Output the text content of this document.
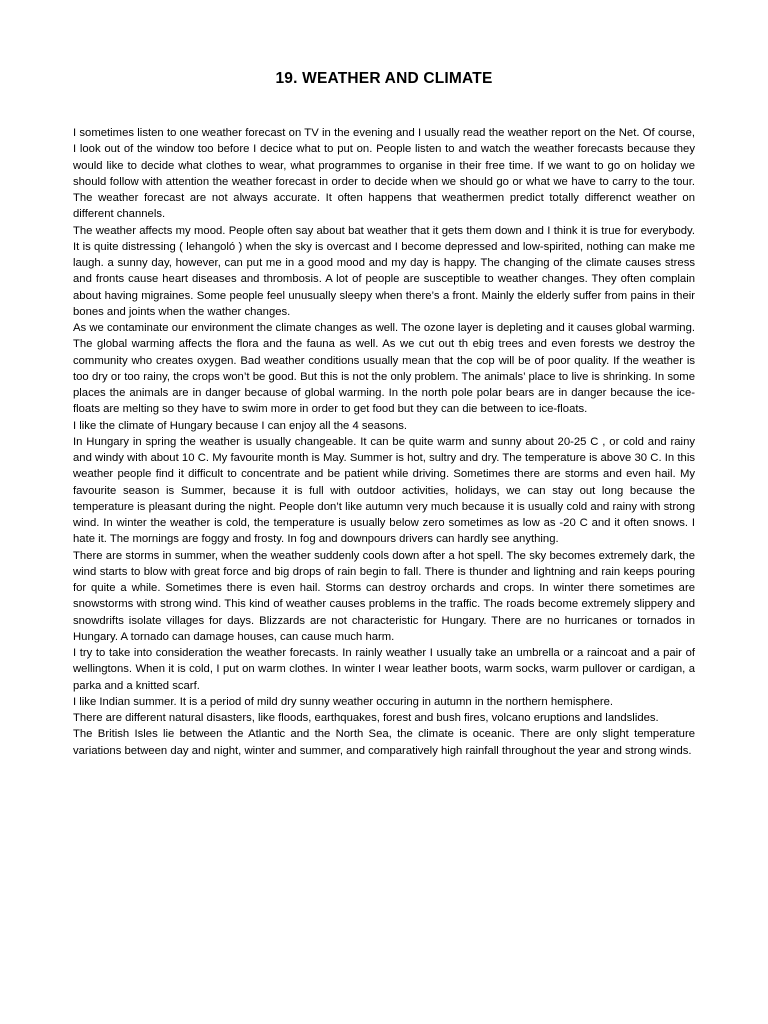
19. WEATHER AND CLIMATE

I sometimes listen to one weather forecast on TV in the evening and I usually read the weather report on the Net. Of course, I look out of the window too before I decice what to put on. People listen to and watch the weather forecasts because they would like to decide what clothes to wear, what programmes to organise in their free time. If we want to go on holiday we should follow with attention the weather forecast in order to decide when we should go or what we have to carry to the tour. The weather forecast are not always accurate. It often happens that weathermen predict totally differenct weather on different channels.

The weather affects my mood. People often say about bat weather that it gets them down and I think it is true for everybody. It is quite distressing ( lehangoló ) when the sky is overcast and I become depressed and low-spirited, nothing can make me laugh. a sunny day, however, can put me in a good mood and my day is happy. The changing of the climate causes stress and fronts cause heart diseases and thrombosis. A lot of people are susceptible to weather changes. They often complain about having migraines. Some people feel unusually sleepy when there’s a front. Mainly the elderly suffer from pains in their bones and joints when the wather changes.

As we contaminate our environment the climate changes as well. The ozone layer is depleting and it causes global warming. The global warming affects the flora and the fauna as well. As we cut out th ebig trees and even forests we destroy the community who creates oxygen. Bad weather conditions usually mean that the cop will be of poor quality. If the weather is too dry or too rainy, the crops won’t be good. But this is not the only problem. The animals’ place to live is shrinking. In some places the animals are in danger because of global warming. In the north pole polar bears are in danger because the ice-floats are melting so they have to swim more in order to get food but they can die between to ice-floats.

I like the climate of Hungary because I can enjoy all the 4 seasons.

In Hungary in spring the weather is usually changeable. It can be quite warm and sunny about 20-25 C , or cold and rainy and windy with about 10 C. My favourite month is May. Summer is hot, sultry and dry. The temperature is above 30 C. In this weather people find it difficult to concentrate and be patient while driving. Sometimes there are storms and even hail. My favourite season is Summer, because it is full with outdoor activities, holidays, we can stay out long because the temperature is pleasant during the night. People don’t like autumn very much because it is usually cold and rainy with strong wind. In winter the weather is cold, the temperature is usually below zero sometimes as low as -20 C and it often snows. I hate it. The mornings are foggy and frosty. In fog and downpours drivers can hardly see anything.

There are storms in summer, when the weather suddenly cools down after a hot spell. The sky becomes extremely dark, the wind starts to blow with great force and big drops of rain begin to fall. There is thunder and lightning and rain keeps pouring for quite a while. Sometimes there is even hail. Storms can destroy orchards and crops. In winter there sometimes are snowstorms with strong wind. This kind of weather causes problems in the traffic. The roads become extremely slippery and snowdrifts isolate villages for days. Blizzards are not characteristic for Hungary. There are no hurricanes or tornados in Hungary. A tornado can damage houses, can cause much harm.

I try to take into consideration the weather forecasts. In rainly weather I usually take an umbrella or a raincoat and a pair of wellingtons. When it is cold, I put on warm clothes. In winter I wear leather boots, warm socks, warm pullover or cardigan, a parka and a knitted scarf.

I like Indian summer. It is a period of mild dry sunny weather occuring in autumn in the northern hemisphere.

There are different natural disasters, like floods, earthquakes, forest and bush fires, volcano eruptions and landslides.

The British Isles lie between the Atlantic and the North Sea, the climate is oceanic. There are only slight temperature variations between day and night, winter and summer, and comparatively high rainfall throughout the year and strong winds.
